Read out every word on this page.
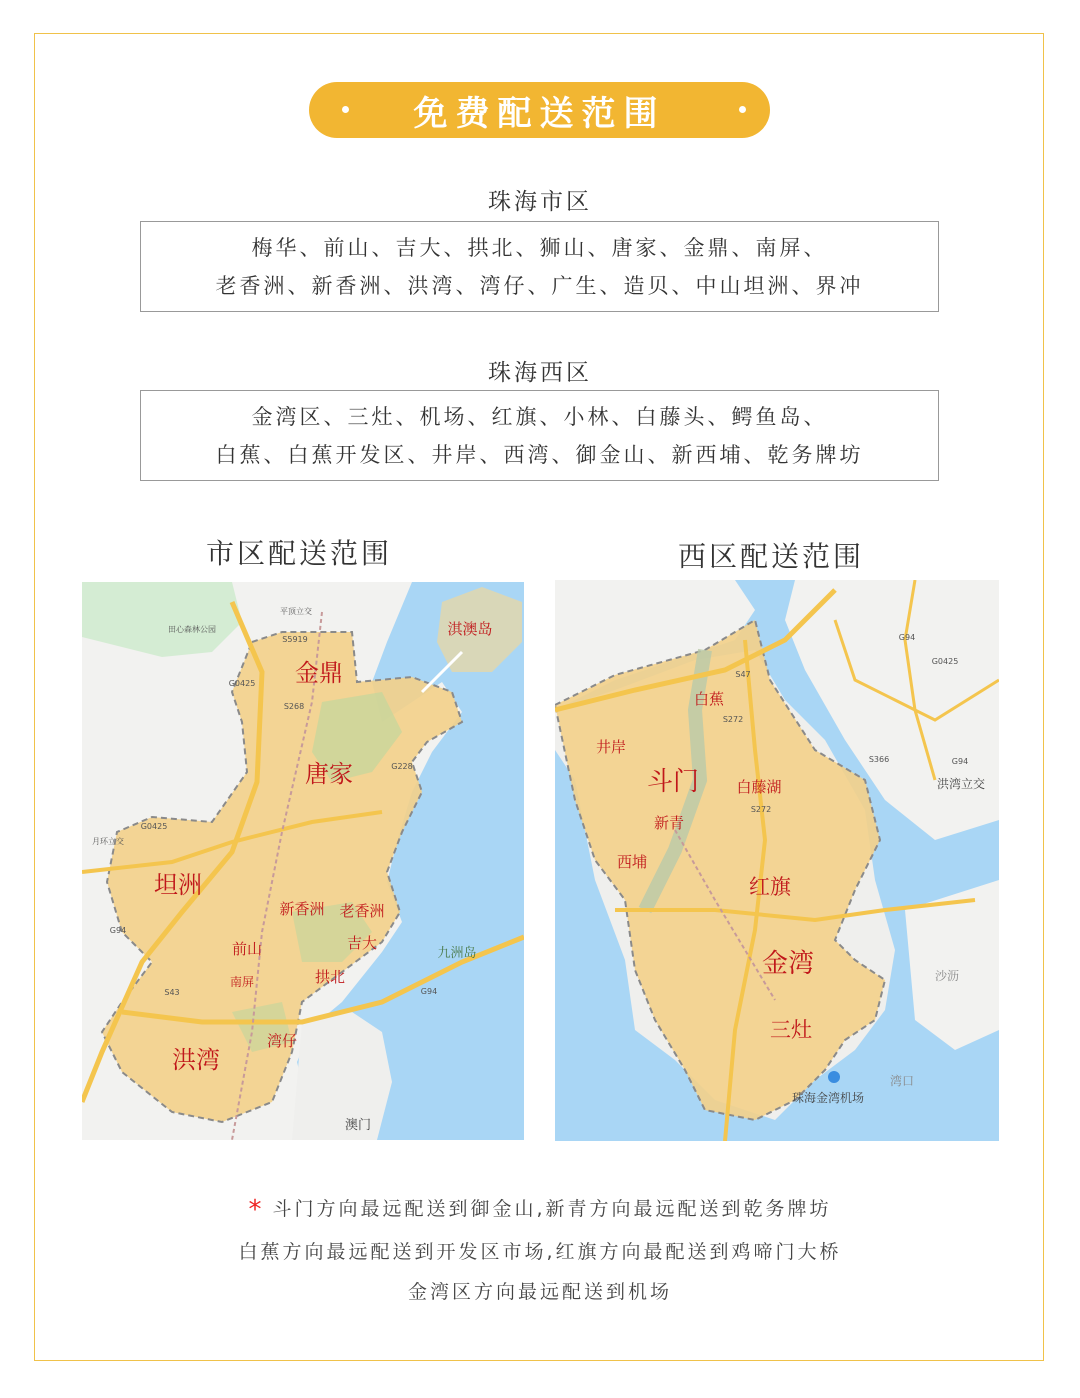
免费配送范围
珠海市区
梅华、前山、吉大、拱北、狮山、唐家、金鼎、南屏、
老香洲、新香洲、洪湾、湾仔、广生、造贝、中山坦洲、界冲
珠海西区
金湾区、三灶、机场、红旗、小林、白藤头、鳄鱼岛、
白蕉、白蕉开发区、井岸、西湾、御金山、新西埔、乾务牌坊
市区配送范围	西区配送范围
金鼎
唐家
坦洲
洪湾
前山
新香洲 老香洲
吉大
拱北
湾仔
淇澳岛
南屏
澳门
九洲岛
田心森林公园
平顶立交
月环立交
G0425
G0425
S5919
S268
G228
G94
G94
S43
斗门
金湾
红旗
三灶
白蕉
井岸
白藤湖
新青
西埔
珠海金湾机场
洪湾立交
沙沥
湾口
G94
G94
G0425
S47
S272
S272
S366
* 斗门方向最远配送到御金山,新青方向最远配送到乾务牌坊
白蕉方向最远配送到开发区市场,红旗方向最配送到鸡啼门大桥
金湾区方向最远配送到机场
